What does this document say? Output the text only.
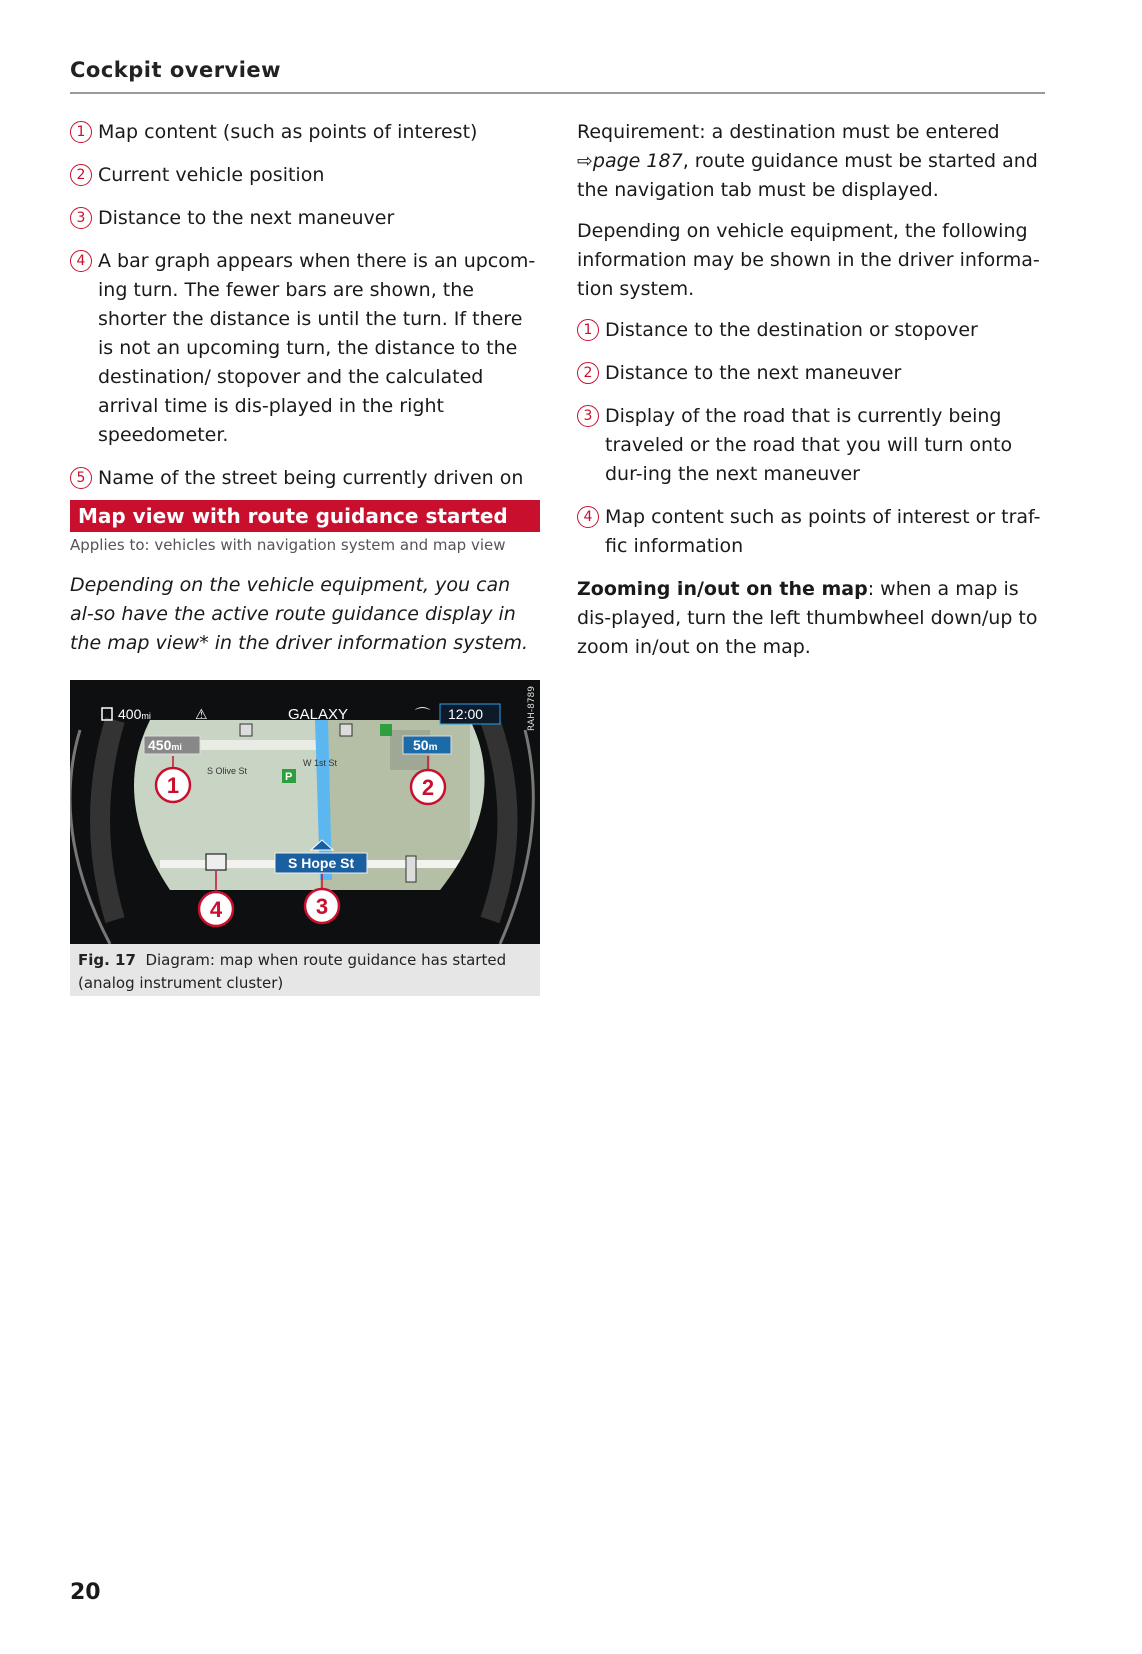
Cockpit overview
1 Map content (such as points of interest)
2 Current vehicle position
3 Distance to the next maneuver
4 A bar graph appears when there is an upcom-ing turn. The fewer bars are shown, the shorter the distance is until the turn. If there is not an upcoming turn, the distance to the destination/ stopover and the calculated arrival time is dis-played in the right speedometer.
5 Name of the street being currently driven on
Map view with route guidance started
Applies to: vehicles with navigation system and map view
Depending on the vehicle equipment, you can al-so have the active route guidance display in the map view* in the driver information system.
400mi	⚠	GALAXY	12:00
⌒
450mi	50m
S Olive St
W 1st St
P
S Hope St
1	2
3
4
RAH-8789
Fig. 17 Diagram: map when route guidance has started (analog instrument cluster)

Requirement: a destination must be entered ⇨page 187, route guidance must be started and the navigation tab must be displayed.

Depending on vehicle equipment, the following information may be shown in the driver informa-tion system.

1 Distance to the destination or stopover
2 Distance to the next maneuver
3 Display of the road that is currently being traveled or the road that you will turn onto dur-ing the next maneuver
4 Map content such as points of interest or traf-fic information

Zooming in/out on the map: when a map is dis-played, turn the left thumbwheel down/up to zoom in/out on the map.

20
